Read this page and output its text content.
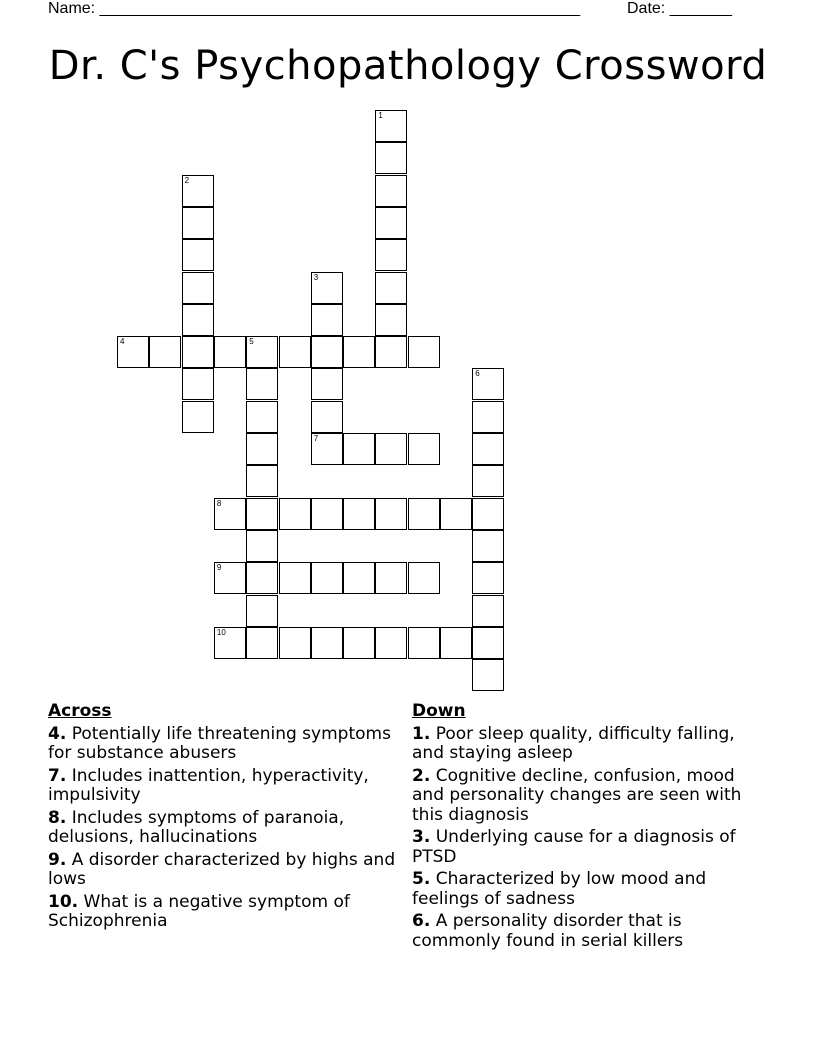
Name: ______________________________________________________	Date: _______
Dr. C's Psychopathology Crossword
1
2
3
7
4	5
6
8
9
10
Across
4. Potentially life threatening symptoms for substance abusers
7. Includes inattention, hyperactivity, impulsivity
8. Includes symptoms of paranoia, delusions, hallucinations
9. A disorder characterized by highs and lows
10. What is a negative symptom of Schizophrenia
Down
1. Poor sleep quality, difficulty falling, and staying asleep
2. Cognitive decline, confusion, mood and personality changes are seen with this diagnosis
3. Underlying cause for a diagnosis of PTSD
5. Characterized by low mood and feelings of sadness
6. A personality disorder that is commonly found in serial killers
